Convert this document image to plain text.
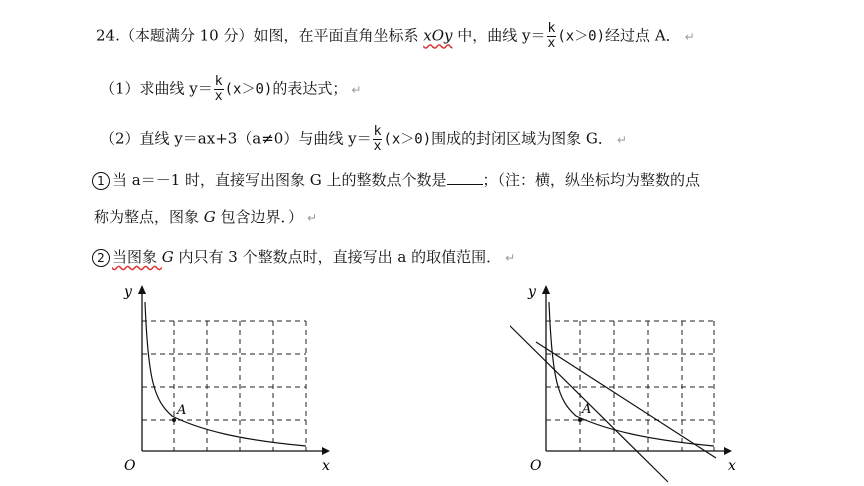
24.（本题满分 10 分）如图，在平面直角坐标系 xOy 中，曲线 $y= \frac{k}{x} (x>0)$经过点 A． ↵
（1）求曲线 $y= \frac{k}{x} (x>0)$的表达式； ↵
（2）直线 y＝ax+3（a≠0）与曲线 $y= \frac{k}{x} (x>0)$围成的封闭区域为图象 G． ↵
1 当 a＝－1 时，直接写出图象 G 上的整数点个数是 ；（注：横，纵坐标均为整数的点
称为整点，图象 G 包含边界．） ↵
2 当图象 G 内只有 3 个整数点时，直接写出 a 的取值范围． ↵
A
y
x
O
A
y
x
O
